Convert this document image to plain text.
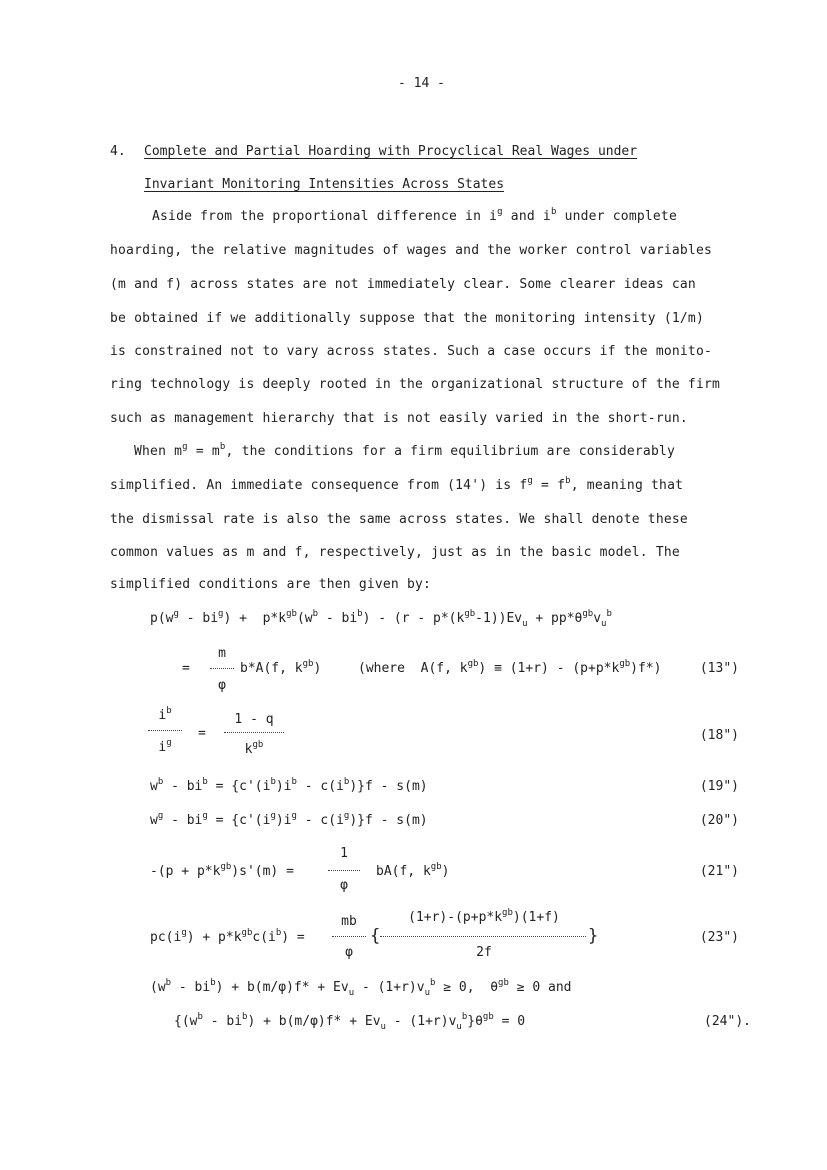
- 14 -
4. Complete and Partial Hoarding with Procyclical Real Wages under
Invariant Monitoring Intensities Across States
Aside from the proportional difference in $i^g$ and $i^b$ under complete
hoarding, the relative magnitudes of wages and the worker control variables
(m and f) across states are not immediately clear. Some clearer ideas can
be obtained if we additionally suppose that the monitoring intensity (1/m)
is constrained not to vary across states. Such a case occurs if the monito-
ring technology is deeply rooted in the organizational structure of the firm
such as management hierarchy that is not easily varied in the short-run.
When $m^g = m^b$, the conditions for a firm equilibrium are considerably
simplified. An immediate consequence from (14') is $f^g = f^b$, meaning that
the dismissal rate is also the same across states. We shall denote these
common values as m and f, respectively, just as in the basic model. The
simplified conditions are then given by:
$p(w^g - bi^g) + p*k^{gb}(w^b - bi^b) - (r - p*(k^{gb}-1))Ev_u + pp*\theta^{gb}v_u^b$
=
m
φ
b*A(f, $k^{gb}$)	(where  A(f, $k^{gb}) \equiv (1+r) - (p+p*k^{gb})f*$)	(13")
$i^b$
$i^g$
=
1 - q
$k^{gb}$
(18")
$w^b - bi^b = \{c'(i^b)i^b - c(i^b)\}f - s(m)$	(19")
$w^g - bi^g = \{c'(i^g)i^g - c(i^g)\}f - s(m)$	(20")
$-(p + p*k^{gb})s'(m)$ =
1
φ
bA(f, $k^{gb}$)	(21")
$pc(i^g) + p*k^{gb}c(i^b)$ =
mb
φ
{
$(1+r)-(p+p*k^{gb})(1+f)$
2f
}	(23")
$(w^b - bi^b) + b(m/\varphi)f* + Ev_u - (1+r)v_u^b \ge 0$,  $\theta^{gb} \ge 0$ and
$\{(w^b - bi^b) + b(m/\varphi)f* + Ev_u - (1+r)v_u^b\}\theta^{gb} = 0$	(24").
